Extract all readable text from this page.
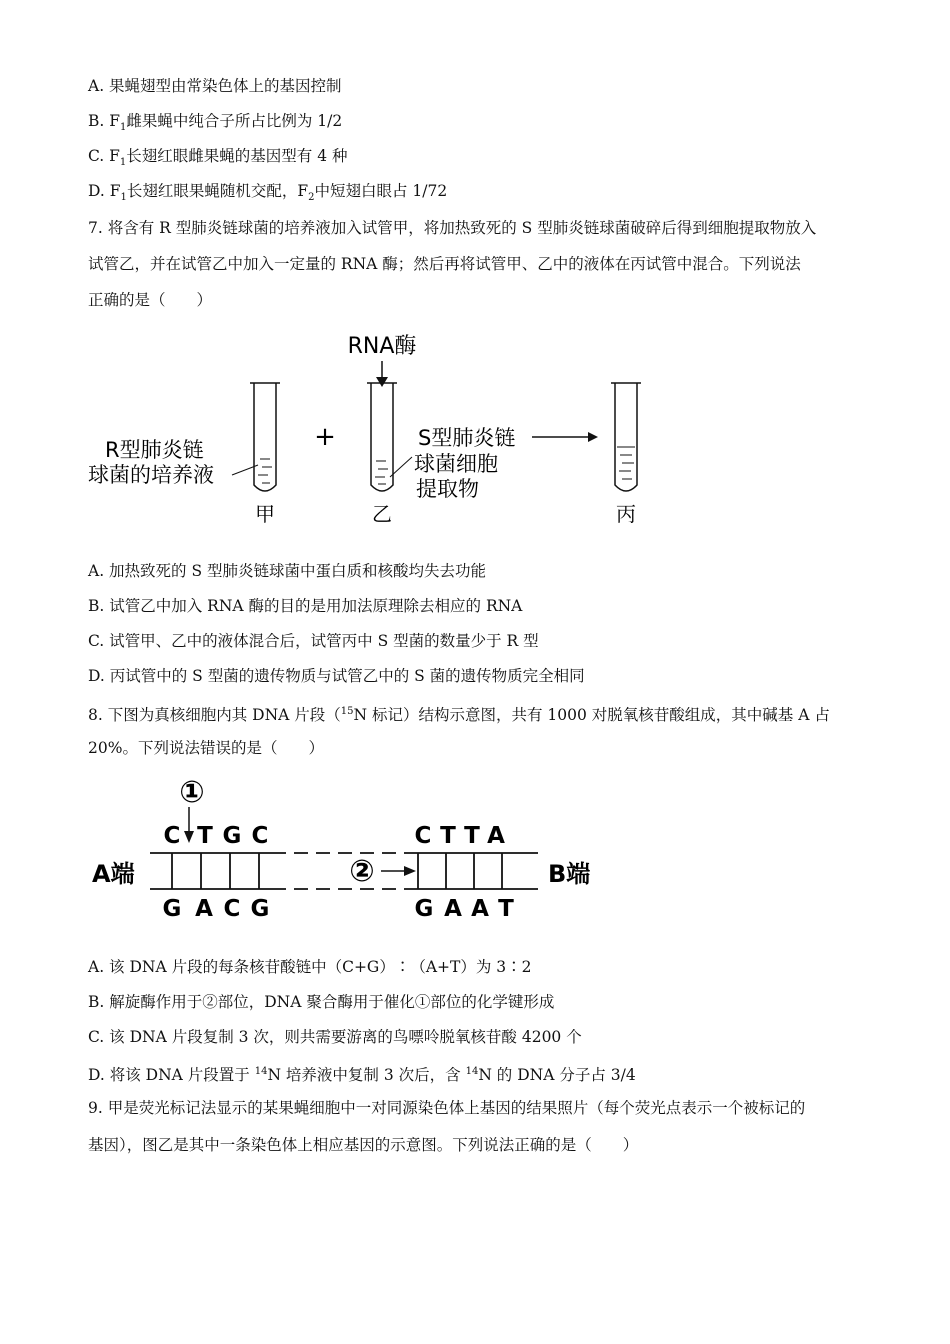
A. 果蝇翅型由常染色体上的基因控制
B. $F_1$雌果蝇中纯合子所占比例为 1/2
C. $F_1$长翅红眼雌果蝇的基因型有 4 种
D. $F_1$长翅红眼果蝇随机交配，$F_2$中短翅白眼占 1/72
7. 将含有 R 型肺炎链球菌的培养液加入试管甲，将加热致死的 S 型肺炎链球菌破碎后得到细胞提取物放入
试管乙，并在试管乙中加入一定量的 RNA 酶；然后再将试管甲、乙中的液体在丙试管中混合。下列说法
正确的是（　　）
RNA酶
R型肺炎链
球菌的培养液
甲
+
乙
S型肺炎链
球菌细胞
提取物
丙
A. 加热致死的 S 型肺炎链球菌中蛋白质和核酸均失去功能
B. 试管乙中加入 RNA 酶的目的是用加法原理除去相应的 RNA
C. 试管甲、乙中的液体混合后，试管丙中 S 型菌的数量少于 R 型
D. 丙试管中的 S 型菌的遗传物质与试管乙中的 S 菌的遗传物质完全相同
8. 下图为真核细胞内其 DNA 片段（$^{15}$N 标记）结构示意图，共有 1000 对脱氧核苷酸组成，其中碱基 A 占
20%。下列说法错误的是（　　）
①
A端	B端
②
C T G C
G A C G
C T T A
G A A T
A. 该 DNA 片段的每条核苷酸链中（C+G）∶（A+T）为 3∶2
B. 解旋酶作用于②部位，DNA 聚合酶用于催化①部位的化学键形成
C. 该 DNA 片段复制 3 次，则共需要游离的鸟嘌呤脱氧核苷酸 4200 个
D. 将该 DNA 片段置于 $^{14}$N 培养液中复制 3 次后，含 $^{14}$N 的 DNA 分子占 3/4
9. 甲是荧光标记法显示的某果蝇细胞中一对同源染色体上基因的结果照片（每个荧光点表示一个被标记的
基因），图乙是其中一条染色体上相应基因的示意图。下列说法正确的是（　　）
